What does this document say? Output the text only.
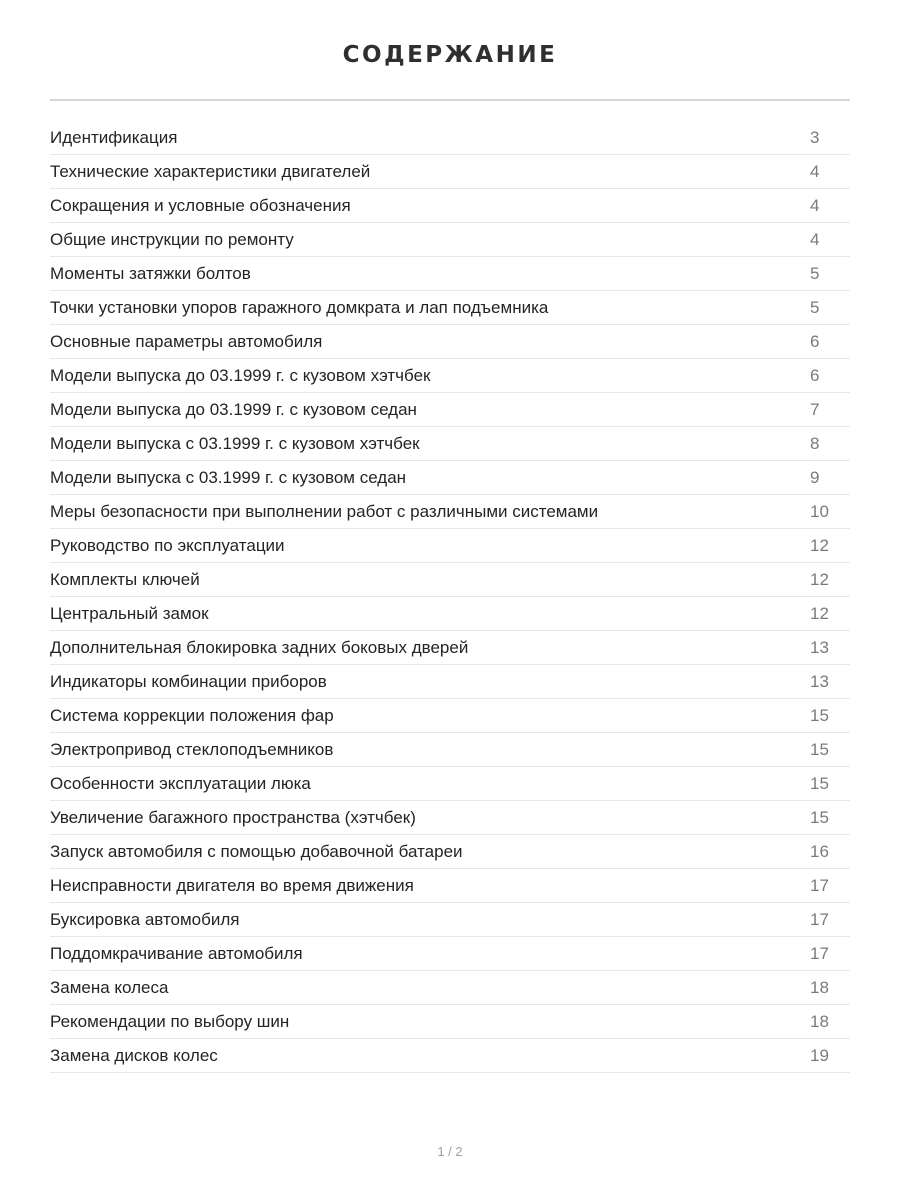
СОДЕРЖАНИЕ
Идентификация	3
Технические характеристики двигателей	4
Сокращения и условные обозначения	4
Общие инструкции по ремонту	4
Моменты затяжки болтов	5
Точки установки упоров гаражного домкрата и лап подъемника	5
Основные параметры автомобиля	6
Модели выпуска до 03.1999 г. с кузовом хэтчбек	6
Модели выпуска до 03.1999 г. с кузовом седан	7
Модели выпуска с 03.1999 г. с кузовом хэтчбек	8
Модели выпуска с 03.1999 г. с кузовом седан	9
Меры безопасности при выполнении работ с различными системами	10
Руководство по эксплуатации	12
Комплекты ключей	12
Центральный замок	12
Дополнительная блокировка задних боковых дверей	13
Индикаторы комбинации приборов	13
Система коррекции положения фар	15
Электропривод стеклоподъемников	15
Особенности эксплуатации люка	15
Увеличение багажного пространства (хэтчбек)	15
Запуск автомобиля с помощью добавочной батареи	16
Неисправности двигателя во время движения	17
Буксировка автомобиля	17
Поддомкрачивание автомобиля	17
Замена колеса	18
Рекомендации по выбору шин	18
Замена дисков колес	19
1 / 2
